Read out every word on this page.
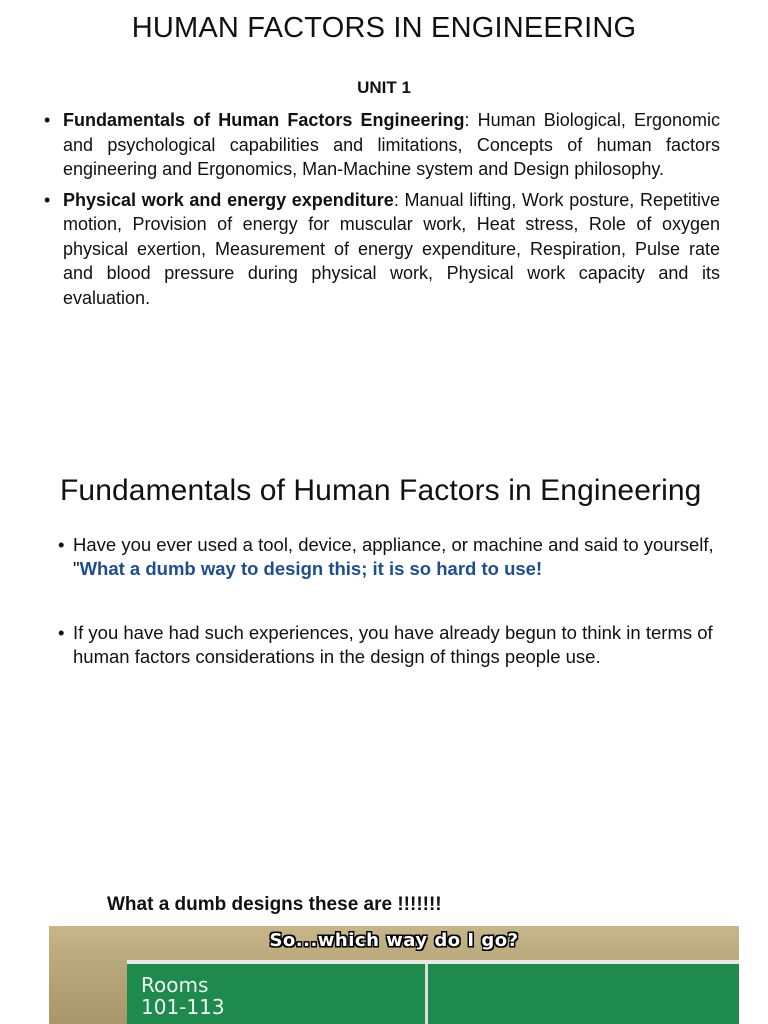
HUMAN FACTORS IN ENGINEERING
UNIT 1
• Fundamentals of Human Factors Engineering: Human Biological, Ergonomic and psychological capabilities and limitations, Concepts of human factors engineering and Ergonomics, Man-Machine system and Design philosophy.
• Physical work and energy expenditure: Manual lifting, Work posture, Repetitive motion, Provision of energy for muscular work, Heat stress, Role of oxygen physical exertion, Measurement of energy expenditure, Respiration, Pulse rate and blood pressure during physical work, Physical work capacity and its evaluation.
Fundamentals of Human Factors in Engineering
• Have you ever used a tool, device, appliance, or machine and said to yourself, "What a dumb way to design this; it is so hard to use!
• If you have had such experiences, you have already begun to think in terms of human factors considerations in the design of things people use.
What a dumb designs these are !!!!!!!
So...which way do I go?
Rooms
101-113
